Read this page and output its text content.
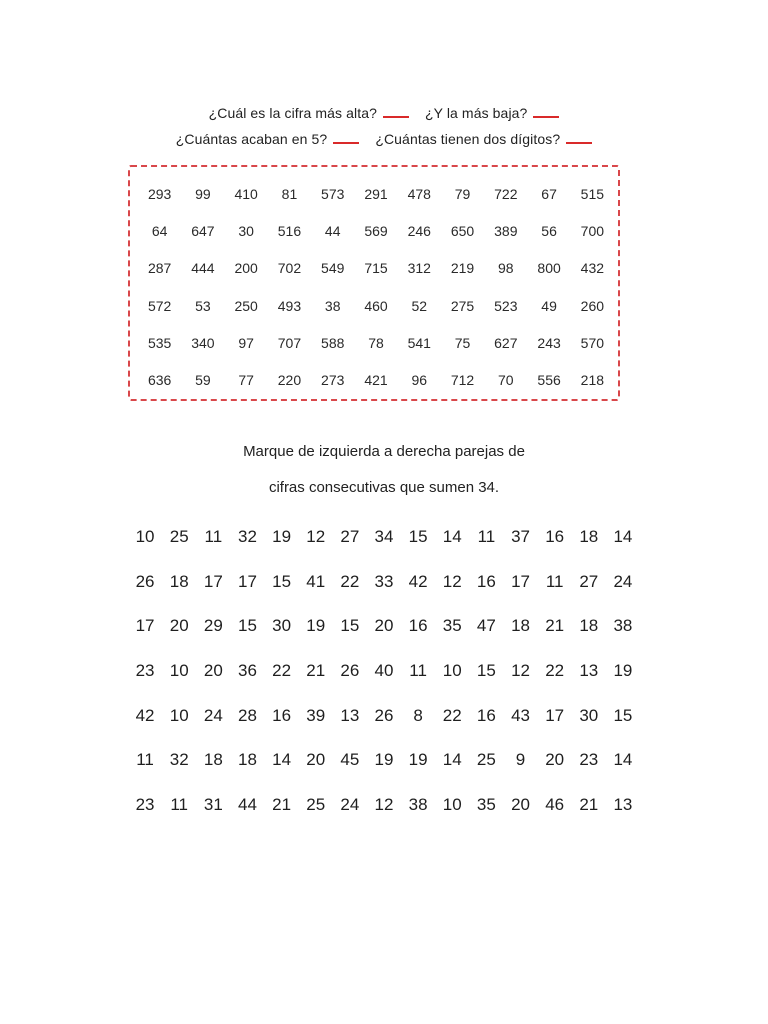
¿Cuál es la cifra más alta?	¿Y la más baja?
¿Cuántas acaban en 5?	¿Cuántas tienen dos dígitos?
293	99	410	81	573	291	478	79	722	67	515
64	647	30	516	44	569	246	650	389	56	700
287	444	200	702	549	715	312	219	98	800	432
572	53	250	493	38	460	52	275	523	49	260
535	340	97	707	588	78	541	75	627	243	570
636	59	77	220	273	421	96	712	70	556	218
Marque de izquierda a derecha parejas de
cifras consecutivas que sumen 34.
10 25 11 32 19 12 27 34 15 14 11 37 16 18 14
26 18 17 17 15 41 22 33 42 12 16 17 11 27 24
17 20 29 15 30 19 15 20 16 35 47 18 21 18 38
23 10 20 36 22 21 26 40 11 10 15 12 22 13 19
42 10 24 28 16 39 13 26	8	22 16 43 17 30 15
11 32 18 18 14 20 45 19 19 14 25	9	20 23 14
23 11 31 44 21 25 24 12 38 10 35 20 46 21 13
